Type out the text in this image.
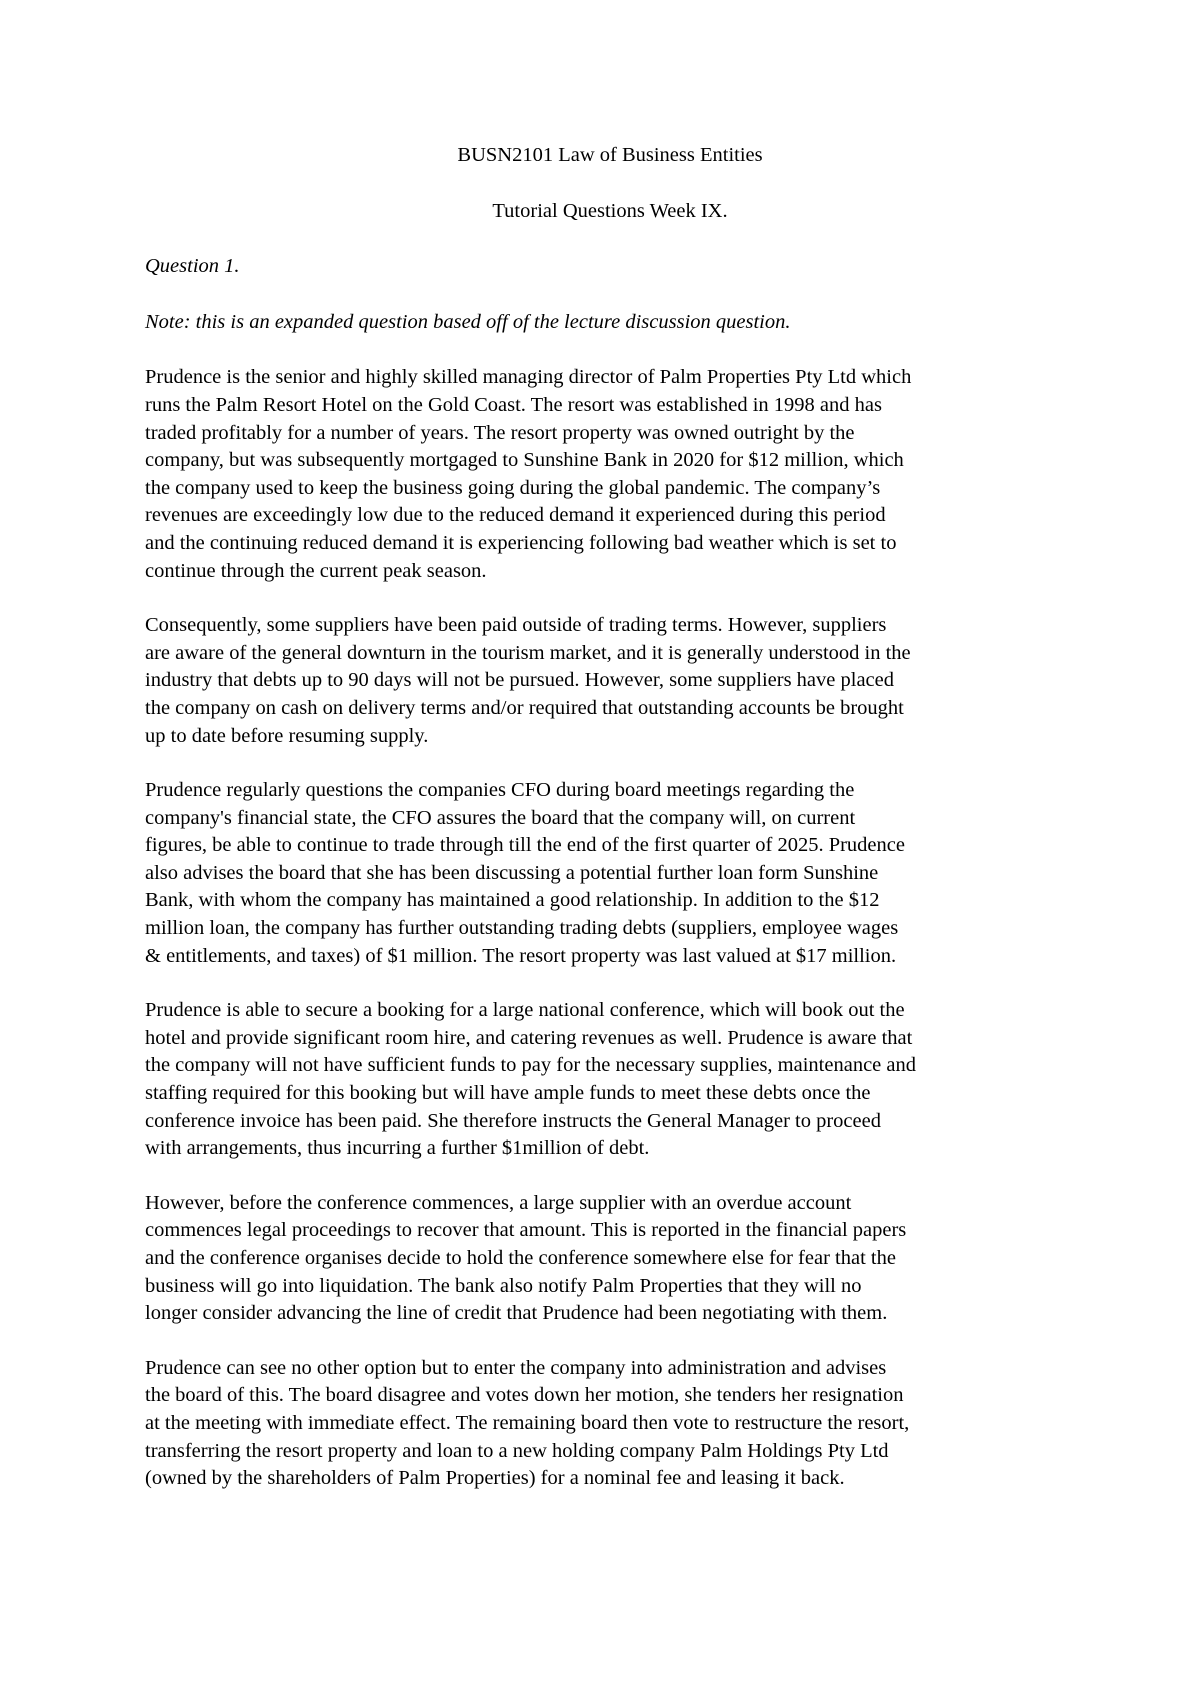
BUSN2101 Law of Business Entities

Tutorial Questions Week IX.

Question 1.

Note: this is an expanded question based off of the lecture discussion question.

Prudence is the senior and highly skilled managing director of Palm Properties Pty Ltd which
runs the Palm Resort Hotel on the Gold Coast. The resort was established in 1998 and has
traded profitably for a number of years. The resort property was owned outright by the
company, but was subsequently mortgaged to Sunshine Bank in 2020 for $12 million, which
the company used to keep the business going during the global pandemic. The company’s
revenues are exceedingly low due to the reduced demand it experienced during this period
and the continuing reduced demand it is experiencing following bad weather which is set to
continue through the current peak season.

Consequently, some suppliers have been paid outside of trading terms. However, suppliers
are aware of the general downturn in the tourism market, and it is generally understood in the
industry that debts up to 90 days will not be pursued. However, some suppliers have placed
the company on cash on delivery terms and/or required that outstanding accounts be brought
up to date before resuming supply.

Prudence regularly questions the companies CFO during board meetings regarding the
company's financial state, the CFO assures the board that the company will, on current
figures, be able to continue to trade through till the end of the first quarter of 2025. Prudence
also advises the board that she has been discussing a potential further loan form Sunshine
Bank, with whom the company has maintained a good relationship. In addition to the $12
million loan, the company has further outstanding trading debts (suppliers, employee wages
& entitlements, and taxes) of $1 million. The resort property was last valued at $17 million.

Prudence is able to secure a booking for a large national conference, which will book out the
hotel and provide significant room hire, and catering revenues as well. Prudence is aware that
the company will not have sufficient funds to pay for the necessary supplies, maintenance and
staffing required for this booking but will have ample funds to meet these debts once the
conference invoice has been paid. She therefore instructs the General Manager to proceed
with arrangements, thus incurring a further $1million of debt.

However, before the conference commences, a large supplier with an overdue account
commences legal proceedings to recover that amount. This is reported in the financial papers
and the conference organises decide to hold the conference somewhere else for fear that the
business will go into liquidation. The bank also notify Palm Properties that they will no
longer consider advancing the line of credit that Prudence had been negotiating with them.

Prudence can see no other option but to enter the company into administration and advises
the board of this. The board disagree and votes down her motion, she tenders her resignation
at the meeting with immediate effect. The remaining board then vote to restructure the resort,
transferring the resort property and loan to a new holding company Palm Holdings Pty Ltd
(owned by the shareholders of Palm Properties) for a nominal fee and leasing it back.
